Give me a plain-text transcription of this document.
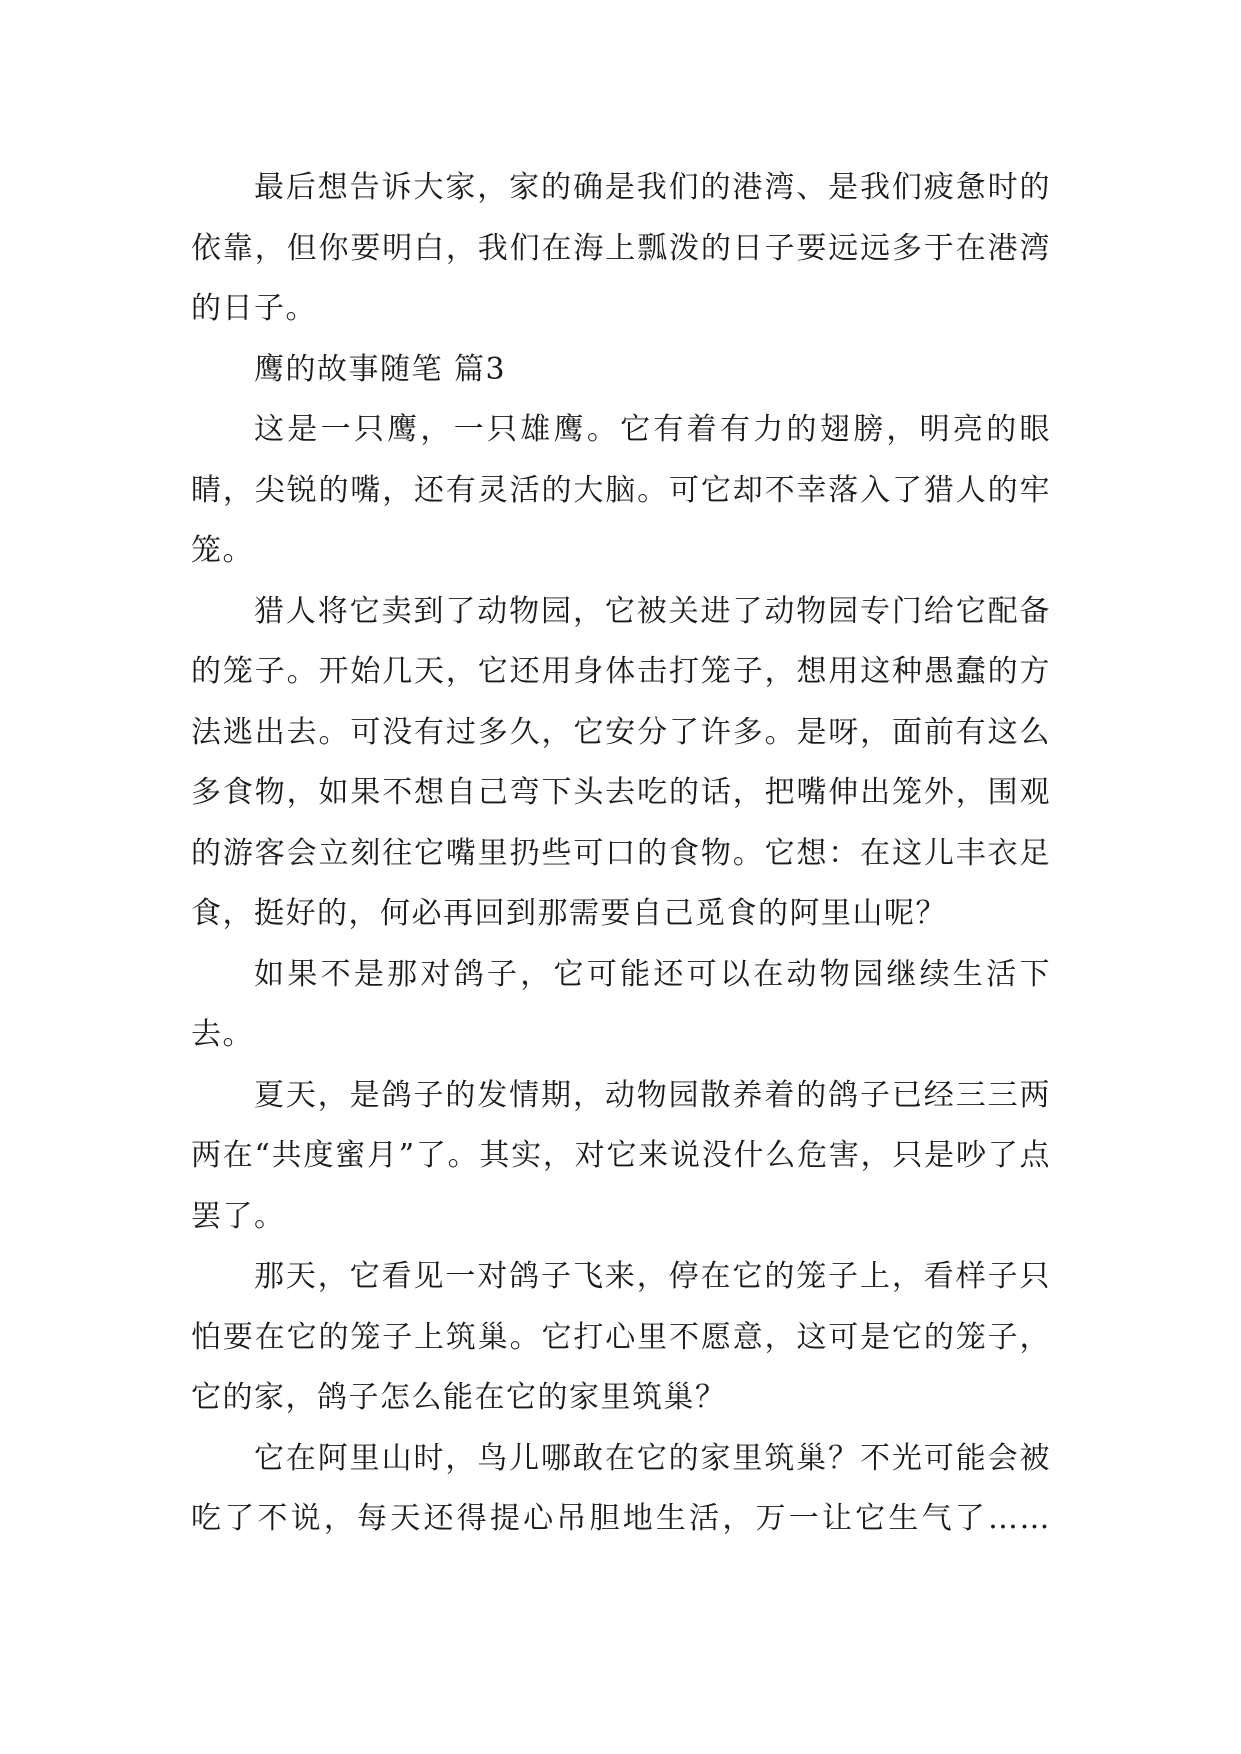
最后想告诉大家，家的确是我们的港湾、是我们疲惫时的依靠，但你要明白，我们在海上瓢泼的日子要远远多于在港湾的日子。

鹰的故事随笔 篇3

这是一只鹰，一只雄鹰。它有着有力的翅膀，明亮的眼睛，尖锐的嘴，还有灵活的大脑。可它却不幸落入了猎人的牢笼。

猎人将它卖到了动物园，它被关进了动物园专门给它配备的笼子。开始几天，它还用身体击打笼子，想用这种愚蠢的方法逃出去。可没有过多久，它安分了许多。是呀，面前有这么多食物，如果不想自己弯下头去吃的话，把嘴伸出笼外，围观的游客会立刻往它嘴里扔些可口的食物。它想：在这儿丰衣足食，挺好的，何必再回到那需要自己觅食的阿里山呢？

如果不是那对鸽子，它可能还可以在动物园继续生活下去。

夏天，是鸽子的发情期，动物园散养着的鸽子已经三三两两在“共度蜜月”了。其实，对它来说没什么危害，只是吵了点罢了。

那天，它看见一对鸽子飞来，停在它的笼子上，看样子只怕要在它的笼子上筑巢。它打心里不愿意，这可是它的笼子，它的家，鸽子怎么能在它的家里筑巢？

它在阿里山时，鸟儿哪敢在它的家里筑巢？不光可能会被吃了不说，每天还得提心吊胆地生活，万一让它生气了……
